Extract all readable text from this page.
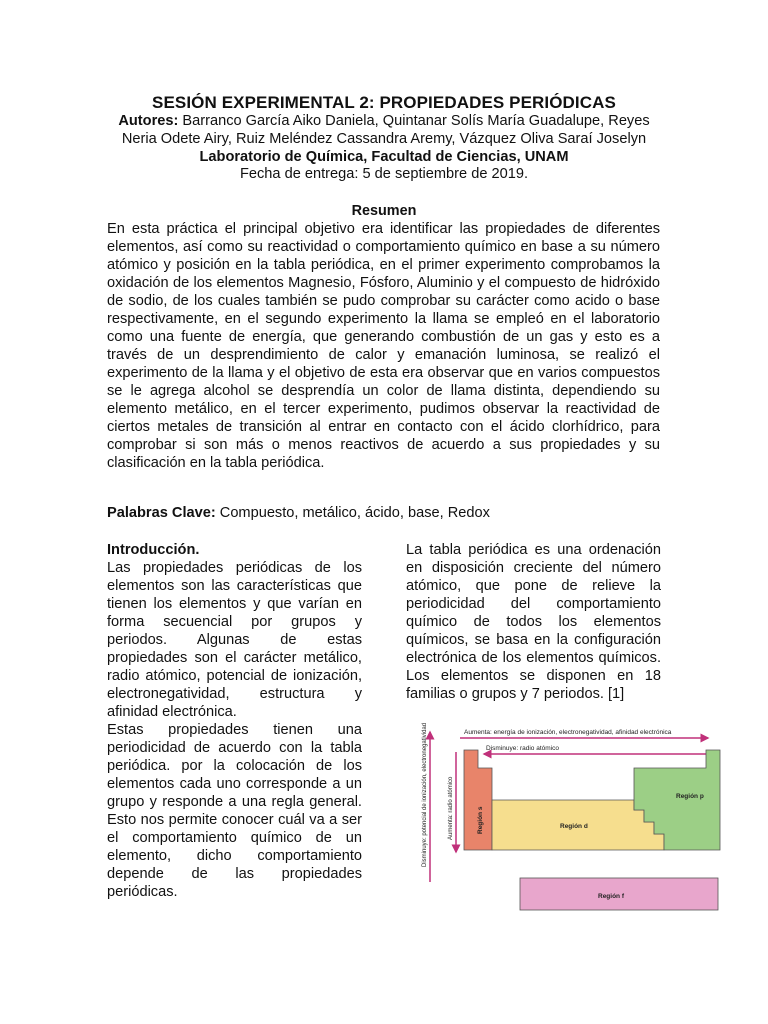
SESIÓN EXPERIMENTAL 2: PROPIEDADES PERIÓDICAS
Autores: Barranco García Aiko Daniela, Quintanar Solís María Guadalupe, Reyes
Neria Odete Airy, Ruiz Meléndez Cassandra Aremy, Vázquez Oliva Saraí Joselyn
Laboratorio de Química, Facultad de Ciencias, UNAM
Fecha de entrega: 5 de septiembre de 2019.
Resumen
En esta práctica el principal objetivo era identificar las propiedades de diferentes elementos, así como su reactividad o comportamiento químico en base a su número atómico y posición en la tabla periódica, en el primer experimento comprobamos la oxidación de los elementos Magnesio, Fósforo, Aluminio y el compuesto de hidróxido de sodio, de los cuales también se pudo comprobar su carácter como acido o base respectivamente, en el segundo experimento la llama se empleó en el laboratorio como una fuente de energía, que generando combustión de un gas y esto es a través de un desprendimiento de calor y emanación luminosa, se realizó el experimento de la llama y el objetivo de esta era observar que en varios compuestos se le agrega alcohol se desprendía un color de llama distinta, dependiendo su elemento metálico, en el tercer experimento, pudimos observar la reactividad de ciertos metales de transición al entrar en contacto con el ácido clorhídrico, para comprobar si son más o menos reactivos de acuerdo a sus propiedades y su clasificación en la tabla periódica.
Palabras Clave: Compuesto, metálico, ácido, base, Redox
Introducción.

Las propiedades periódicas de los elementos son las características que tienen los elementos y que varían en forma secuencial por grupos y periodos. Algunas de estas propiedades son el carácter metálico, radio atómico, potencial de ionización, electronegatividad, estructura y afinidad electrónica.

Estas propiedades tienen una periodicidad de acuerdo con la tabla periódica. por la colocación de los elementos cada uno corresponde a un grupo y responde a una regla general. Esto nos permite conocer cuál va a ser el comportamiento químico de un elemento, dicho comportamiento depende de las propiedades periódicas.

La tabla periódica es una ordenación en disposición creciente del número atómico, que pone de relieve la periodicidad del comportamiento químico de todos los elementos químicos, se basa en la configuración electrónica de los elementos químicos. Los elementos se disponen en 18 familias o grupos y 7 periodos. [1]

Aumenta: energía de ionización, electronegatividad, afinidad electrónica
Disminuye: radio atómico
Disminuye: potencial de ionización, electronegatividad	Aumenta: radio atómico	Región s	Región d
Región p
Región f
